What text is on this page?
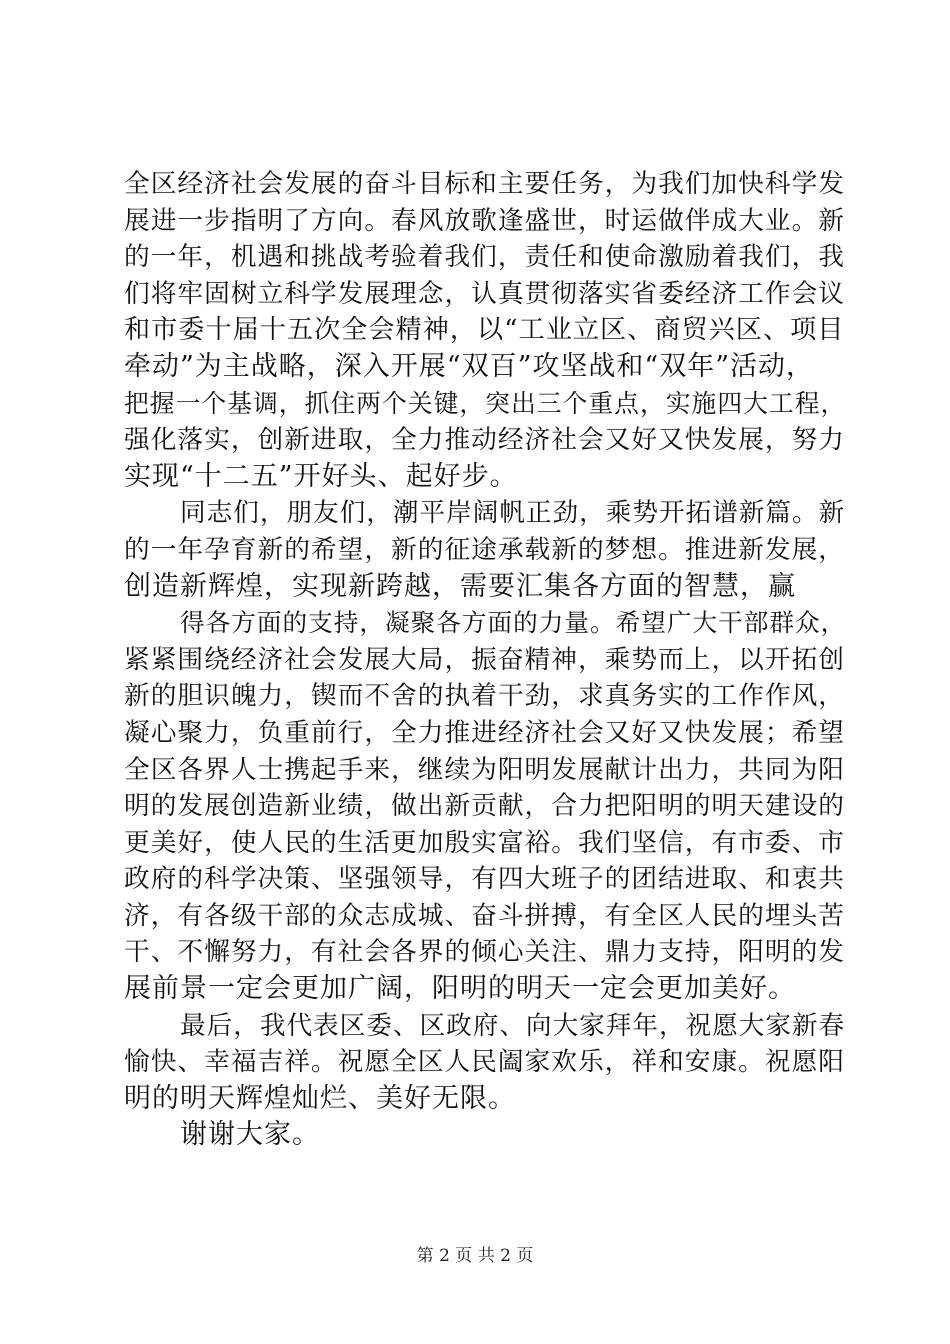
全区经济社会发展的奋斗目标和主要任务，为我们加快科学发
展进一步指明了方向。春风放歌逢盛世，时运做伴成大业。新
的一年，机遇和挑战考验着我们，责任和使命激励着我们，我
们将牢固树立科学发展理念，认真贯彻落实省委经济工作会议
和市委十届十五次全会精神，以“工业立区、商贸兴区、项目
牵动”为主战略，深入开展“双百”攻坚战和“双年”活动，
把握一个基调，抓住两个关键，突出三个重点，实施四大工程，
强化落实，创新进取，全力推动经济社会又好又快发展，努力
实现“十二五”开好头、起好步。
同志们，朋友们，潮平岸阔帆正劲，乘势开拓谱新篇。新
的一年孕育新的希望，新的征途承载新的梦想。推进新发展，
创造新辉煌，实现新跨越，需要汇集各方面的智慧，赢
得各方面的支持，凝聚各方面的力量。希望广大干部群众，
紧紧围绕经济社会发展大局，振奋精神，乘势而上，以开拓创
新的胆识魄力，锲而不舍的执着干劲，求真务实的工作作风，
凝心聚力，负重前行，全力推进经济社会又好又快发展；希望
全区各界人士携起手来，继续为阳明发展献计出力，共同为阳
明的发展创造新业绩，做出新贡献，合力把阳明的明天建设的
更美好，使人民的生活更加殷实富裕。我们坚信，有市委、市
政府的科学决策、坚强领导，有四大班子的团结进取、和衷共
济，有各级干部的众志成城、奋斗拼搏，有全区人民的埋头苦
干、不懈努力，有社会各界的倾心关注、鼎力支持，阳明的发
展前景一定会更加广阔，阳明的明天一定会更加美好。
最后，我代表区委、区政府、向大家拜年，祝愿大家新春
愉快、幸福吉祥。祝愿全区人民阖家欢乐，祥和安康。祝愿阳
明的明天辉煌灿烂、美好无限。
谢谢大家。
第 2 页 共 2 页
